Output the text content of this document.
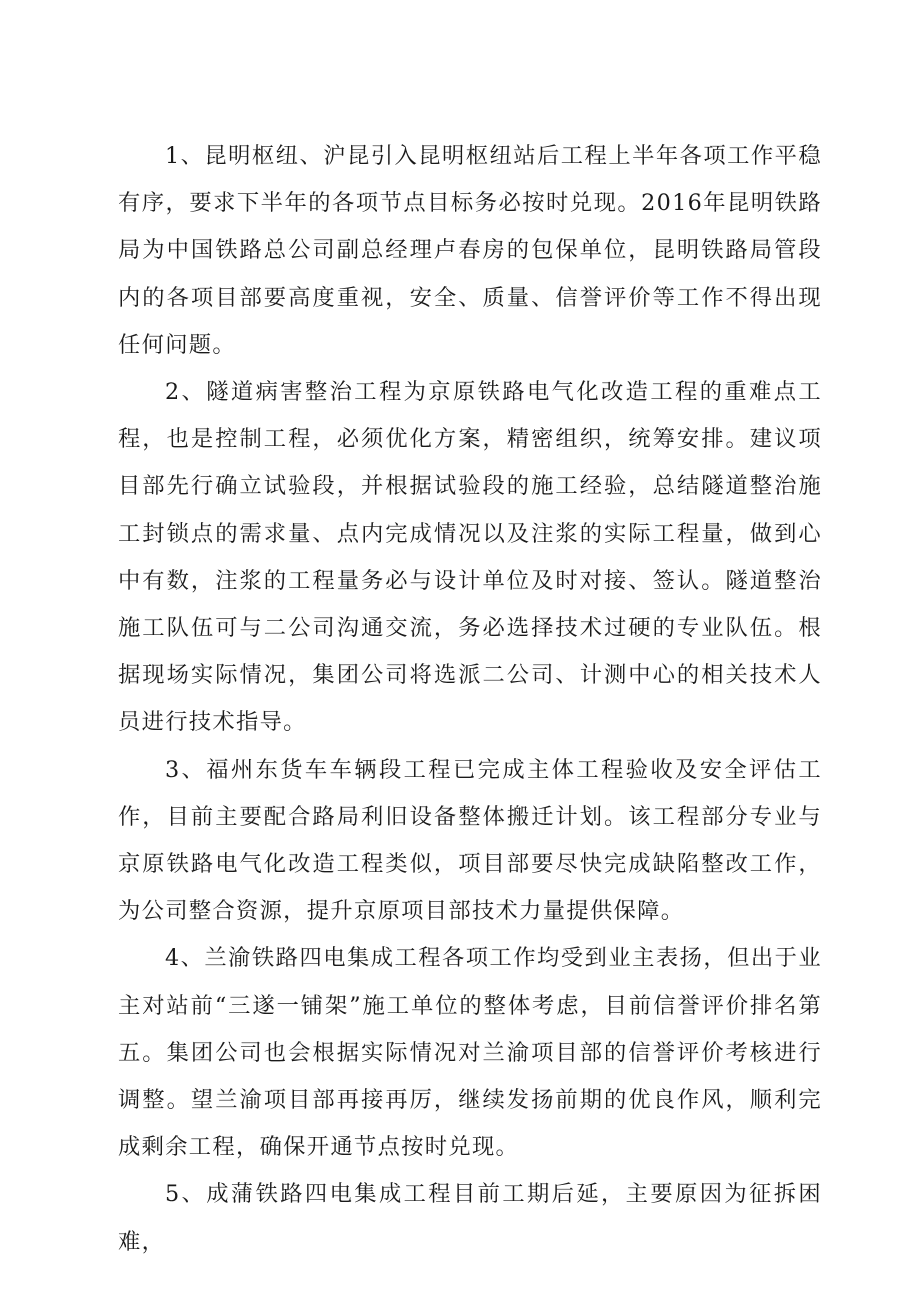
1、昆明枢纽、沪昆引入昆明枢纽站后工程上半年各项工作平稳有序，要求下半年的各项节点目标务必按时兑现。2016年昆明铁路局为中国铁路总公司副总经理卢春房的包保单位，昆明铁路局管段内的各项目部要高度重视，安全、质量、信誉评价等工作不得出现任何问题。

2、隧道病害整治工程为京原铁路电气化改造工程的重难点工程，也是控制工程，必须优化方案，精密组织，统筹安排。建议项目部先行确立试验段，并根据试验段的施工经验，总结隧道整治施工封锁点的需求量、点内完成情况以及注浆的实际工程量，做到心中有数，注浆的工程量务必与设计单位及时对接、签认。隧道整治施工队伍可与二公司沟通交流，务必选择技术过硬的专业队伍。根据现场实际情况，集团公司将选派二公司、计测中心的相关技术人员进行技术指导。

3、福州东货车车辆段工程已完成主体工程验收及安全评估工作，目前主要配合路局利旧设备整体搬迁计划。该工程部分专业与京原铁路电气化改造工程类似，项目部要尽快完成缺陷整改工作，为公司整合资源，提升京原项目部技术力量提供保障。

4、兰渝铁路四电集成工程各项工作均受到业主表扬，但出于业主对站前“三遂一铺架”施工单位的整体考虑，目前信誉评价排名第五。集团公司也会根据实际情况对兰渝项目部的信誉评价考核进行调整。望兰渝项目部再接再厉，继续发扬前期的优良作风，顺利完成剩余工程，确保开通节点按时兑现。

5、成蒲铁路四电集成工程目前工期后延，主要原因为征拆困难，
